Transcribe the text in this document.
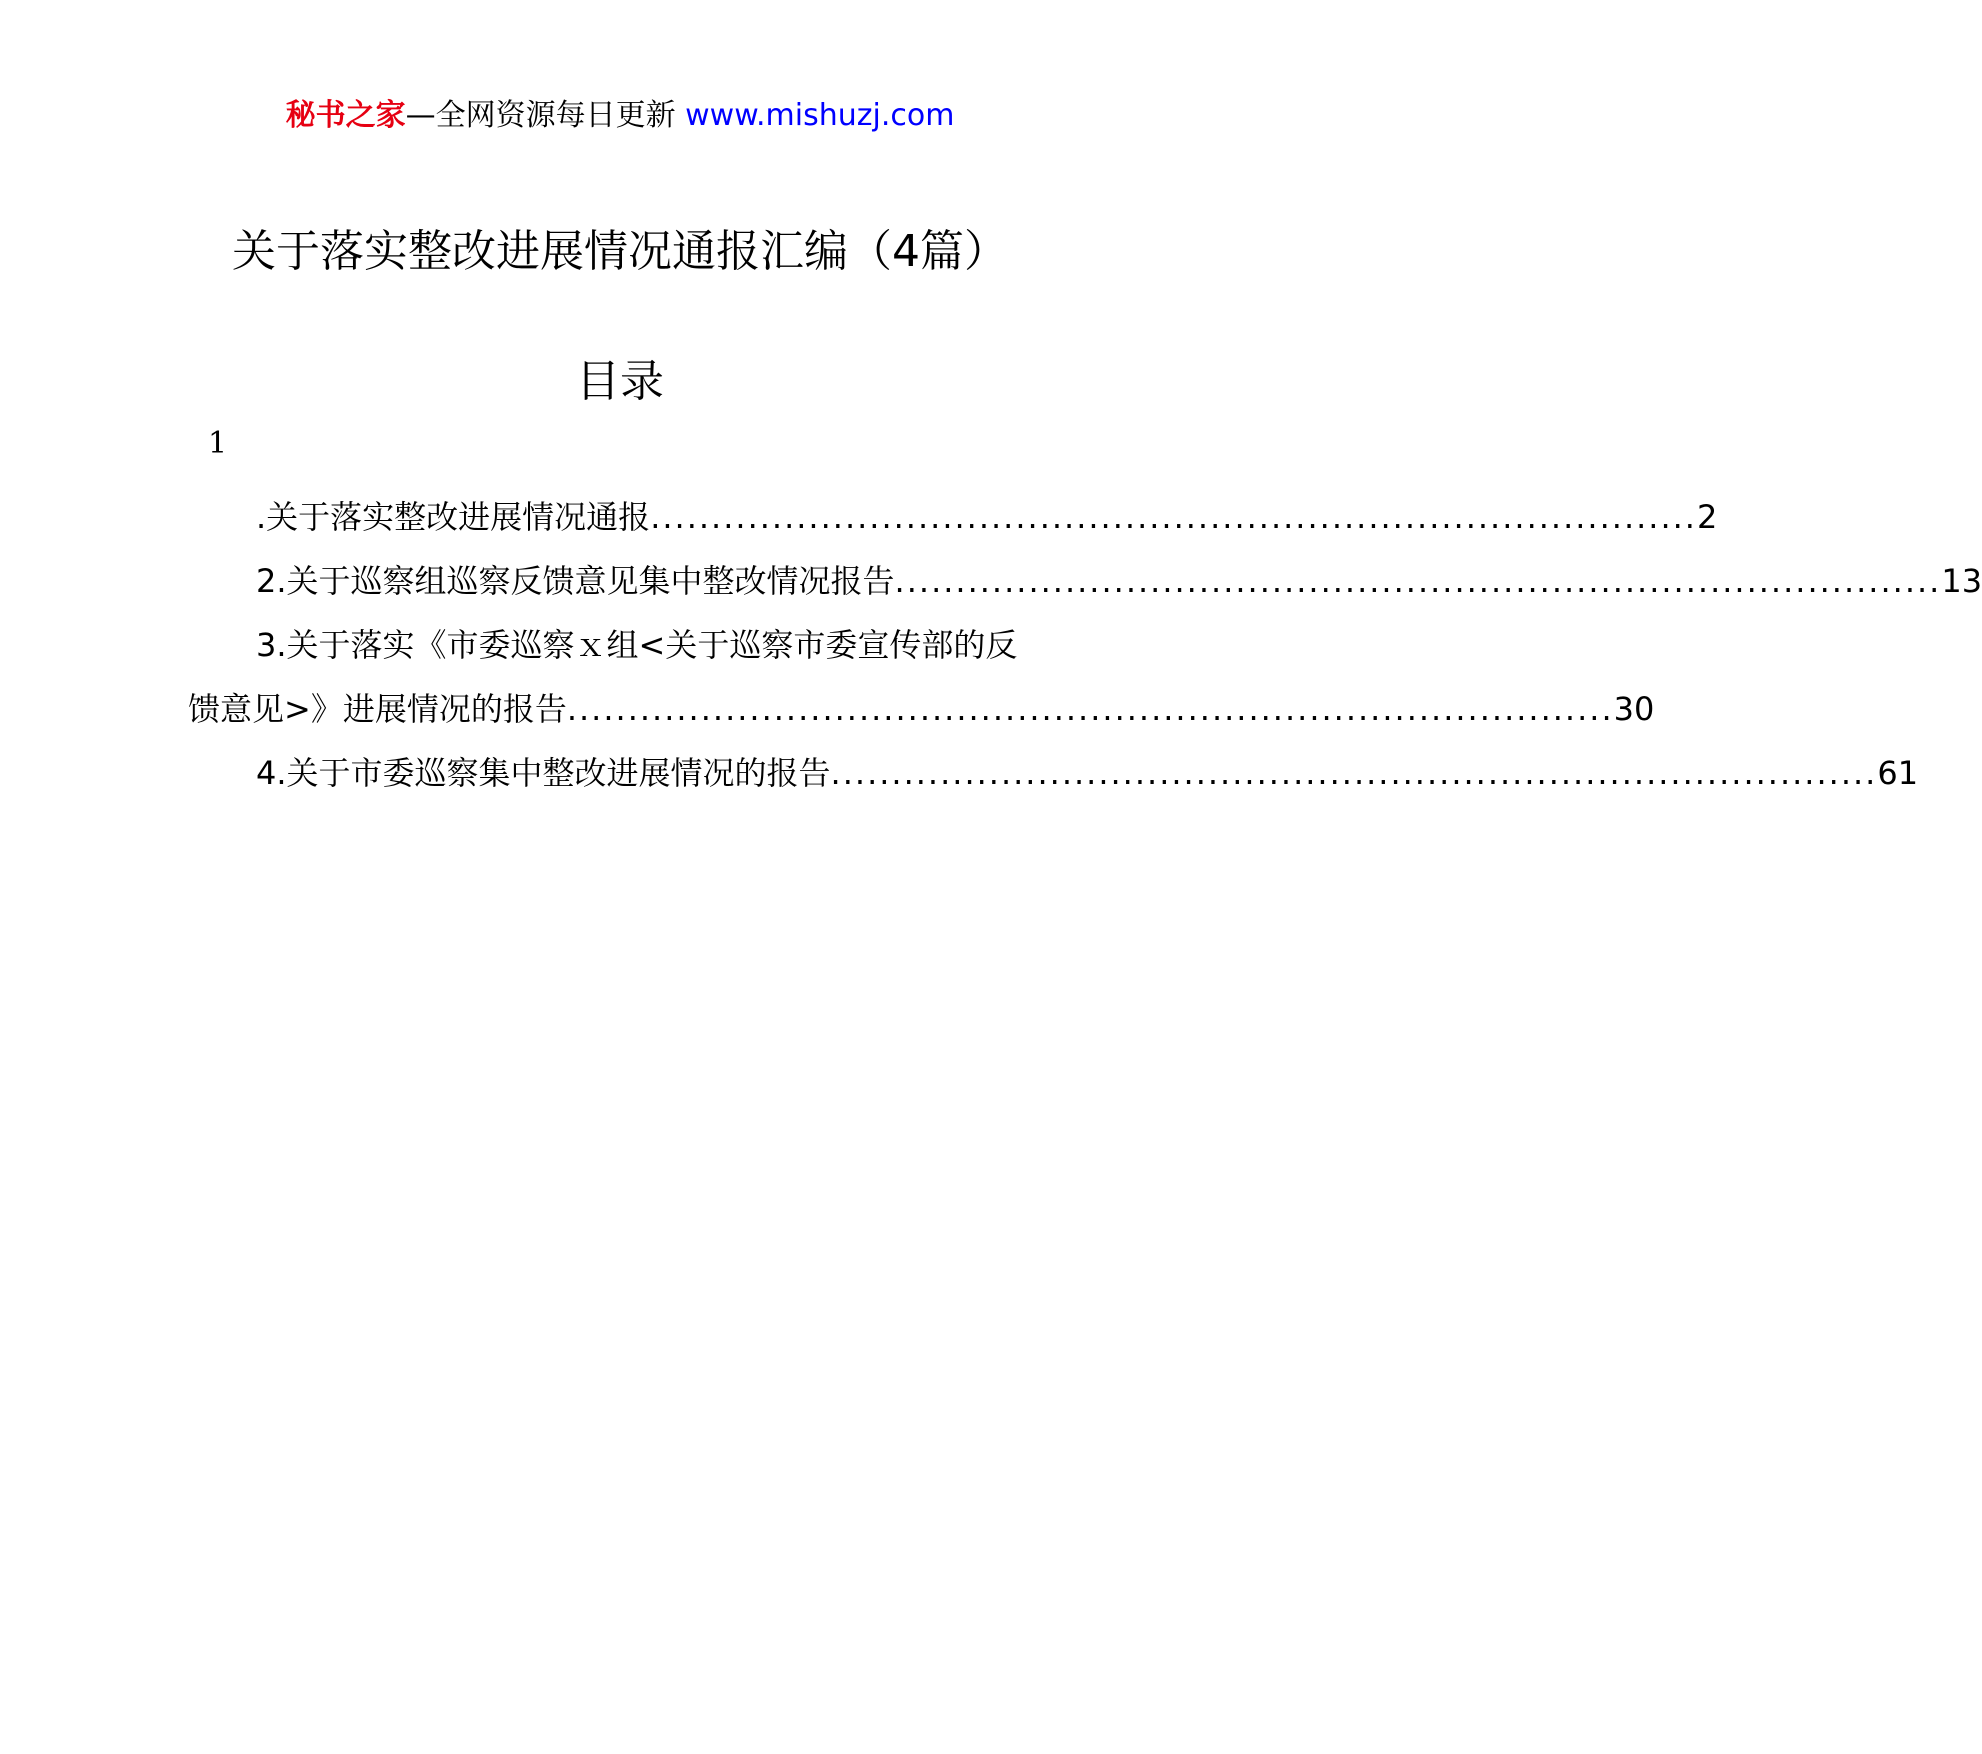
秘书之家—全网资源每日更新 www.mishuzj.com
关于落实整改进展情况通报汇编（4篇）
目录
1
.关于落实整改进展情况通报 ...................................................................................... 2
2.关于巡察组巡察反馈意见集中整改情况报告 ...................................................................................... 13
3.关于落实《市委巡察ｘ组<关于巡察市委宣传部的反
馈意见>》进展情况的报告 ...................................................................................... 30
4.关于市委巡察集中整改进展情况的报告 ...................................................................................... 61
